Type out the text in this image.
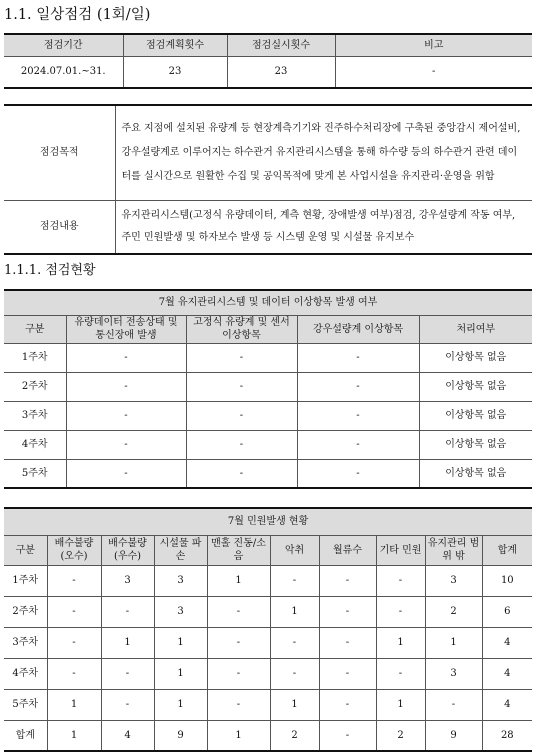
1.1. 일상점검 (1회/일)
점검기간	점검계획횟수	점검실시횟수	비고
2024.07.01.~31.	23	23	-
점검목적	주요 지점에 설치된 유량계 등 현장계측기기와 진주하수처리장에 구축된 중앙감시 제어설비, 강우설량계로 이루어지는 하수관거 유지관리시스템을 통해 하수량 등의 하수관거 관련 데이터를 실시간으로 원활한 수집 및 공익목적에 맞게 본 사업시설을 유지관리·운영을 위함
점검내용	유지관리시스템(고정식 유량데이터, 계측 현황, 장애발생 여부)점검, 강우설량계 작동 여부, 주민 민원발생 및 하자보수 발생 등 시스템 운영 및 시설물 유지보수
1.1.1. 점검현황
7월 유지관리시스템 및 데이터 이상항목 발생 여부				
구분	유량데이터 전송상태 및 통신장애 발생	고정식 유량계 및 센서 이상항목	강우설량계 이상항목	처리여부
1주차	-	-	-	이상항목 없음
2주차	-	-	-	이상항목 없음
3주차	-	-	-	이상항목 없음
4주차	-	-	-	이상항목 없음
5주차	-	-	-	이상항목 없음
7월 민원발생 현황									
구분	배수불량 (오수)	배수불량 (우수)	시설물 파손	맨홀 진동/소음	악취	월류수	기타 민원	유지관리 범위 밖	합계
1주차	-	3	3	1	-	-	-	3	10
2주차	-	-	3	-	1	-	-	2	6
3주차	-	1	1	-	-	-	1	1	4
4주차	-	-	1	-	-	-	-	3	4
5주차	1	-	1	-	1	-	1	-	4
합계	1	4	9	1	2	-	2	9	28
